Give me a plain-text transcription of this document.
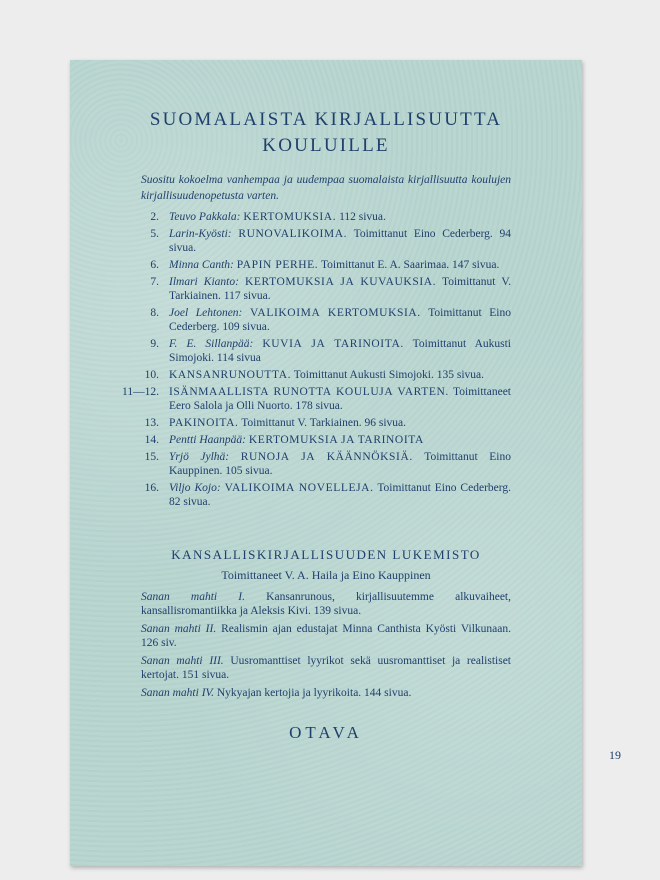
SUOMALAISTA KIRJALLISUUTTA
KOULUILLE
Suositu kokoelma vanhempaa ja uudempaa suomalaista kirjallisuutta koulujen kirjallisuudenopetusta varten.
2. Teuvo Pakkala: KERTOMUKSIA. 112 sivua.
5. Larin-Kyösti: RUNOVALIKOIMA. Toimittanut Eino Cederberg. 94 sivua.
6. Minna Canth: PAPIN PERHE. Toimittanut E. A. Saarimaa. 147 sivua.
7. Ilmari Kianto: KERTOMUKSIA JA KUVAUKSIA. Toimittanut V. Tarkiainen. 117 sivua.
8. Joel Lehtonen: VALIKOIMA KERTOMUKSIA. Toimittanut Eino Cederberg. 109 sivua.
9. F. E. Sillanpää: KUVIA JA TARINOITA. Toimittanut Aukusti Simojoki. 114 sivua
10. KANSANRUNOUTTA. Toimittanut Aukusti Simojoki. 135 sivua.
11—12. ISÄNMAALLISTA RUNOTTA KOULUJA VARTEN. Toimittaneet Eero Salola ja Olli Nuorto. 178 sivua.
13. PAKINOITA. Toimittanut V. Tarkiainen. 96 sivua.
14. Pentti Haanpää: KERTOMUKSIA JA TARINOITA
15. Yrjö Jylhä: RUNOJA JA KÄÄNNÖKSIÄ. Toimittanut Eino Kauppinen. 105 sivua.
16. Viljo Kojo: VALIKOIMA NOVELLEJA. Toimittanut Eino Cederberg. 82 sivua.
KANSALLISKIRJALLISUUDEN LUKEMISTO
Toimittaneet V. A. Haila ja Eino Kauppinen
Sanan mahti I. Kansanrunous, kirjallisuutemme alkuvaiheet, kansallisromantiikka ja Aleksis Kivi. 139 sivua.
Sanan mahti II. Realismin ajan edustajat Minna Canthista Kyösti Vilkunaan. 126 siv.
Sanan mahti III. Uusromanttiset lyyrikot sekä uusromanttiset ja realistiset kertojat. 151 sivua.
Sanan mahti IV. Nykyajan kertojia ja lyyrikoita. 144 sivua.
OTAVA
19
